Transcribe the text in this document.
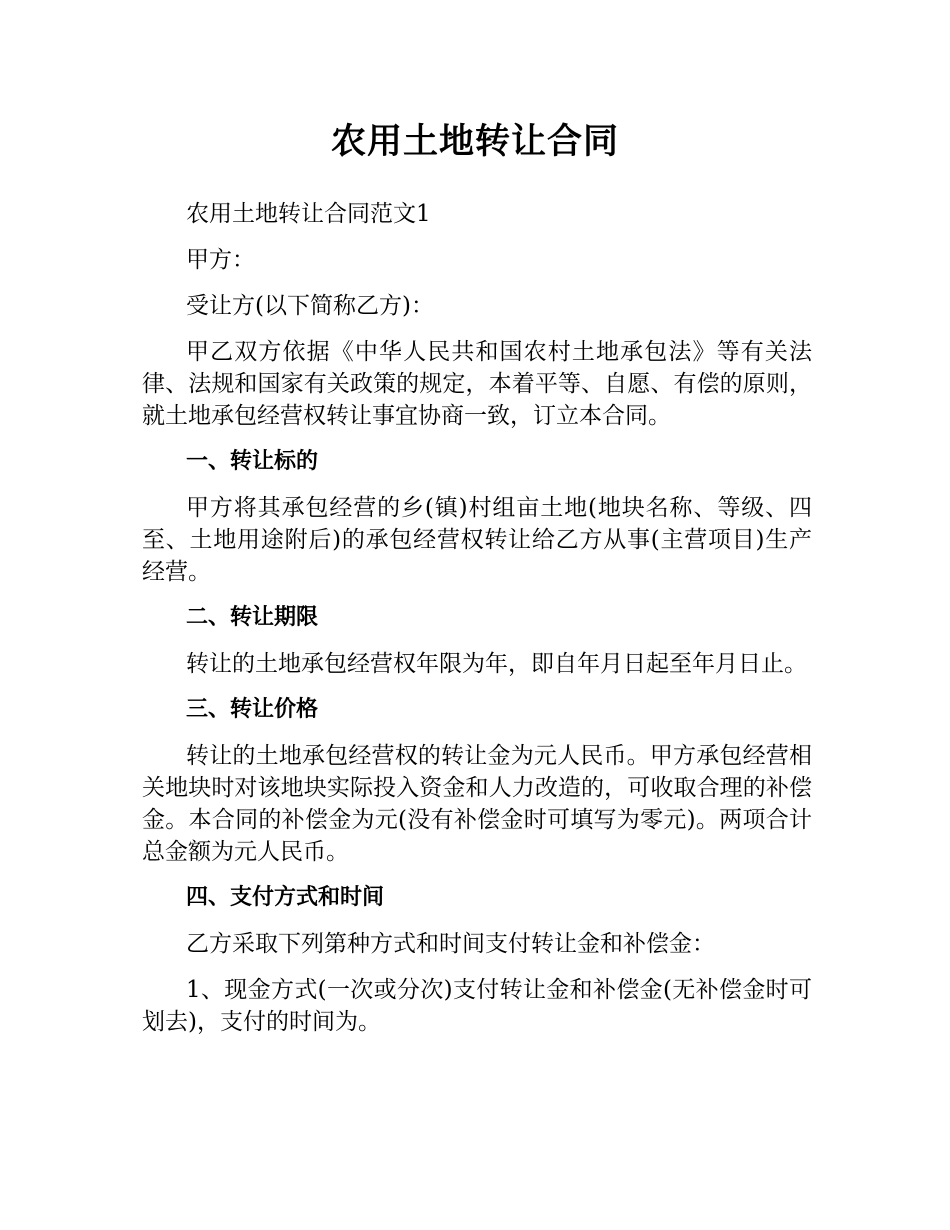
农用土地转让合同

农用土地转让合同范文1

甲方：

受让方(以下简称乙方)：

甲乙双方依据《中华人民共和国农村土地承包法》等有关法律、法规和国家有关政策的规定，本着平等、自愿、有偿的原则，就土地承包经营权转让事宜协商一致，订立本合同。

一、转让标的

甲方将其承包经营的乡(镇)村组亩土地(地块名称、等级、四至、土地用途附后)的承包经营权转让给乙方从事(主营项目)生产经营。

二、转让期限

转让的土地承包经营权年限为年，即自年月日起至年月日止。

三、转让价格

转让的土地承包经营权的转让金为元人民币。甲方承包经营相关地块时对该地块实际投入资金和人力改造的，可收取合理的补偿金。本合同的补偿金为元(没有补偿金时可填写为零元)。两项合计总金额为元人民币。

四、支付方式和时间

乙方采取下列第种方式和时间支付转让金和补偿金：

1、现金方式(一次或分次)支付转让金和补偿金(无补偿金时可划去)，支付的时间为。
